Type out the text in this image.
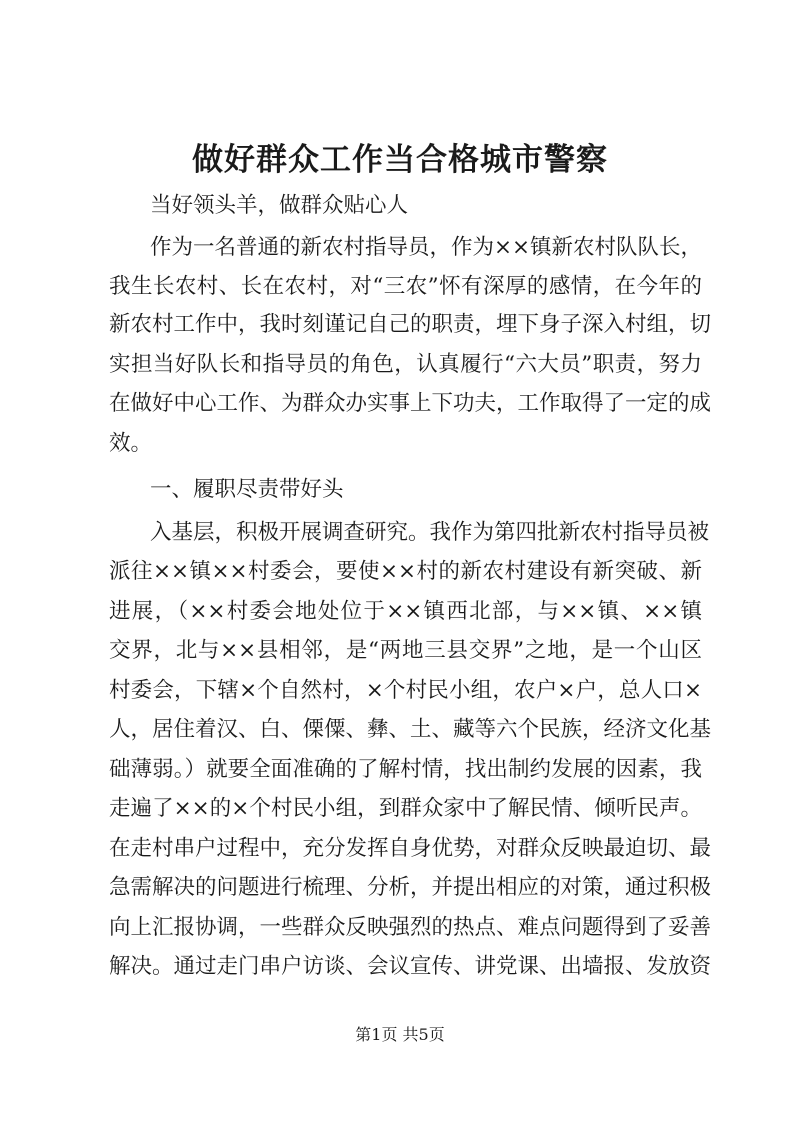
做好群众工作当合格城市警察

当好领头羊，做群众贴心人

作为一名普通的新农村指导员，作为××镇新农村队队长，

我生长农村、长在农村，对“三农”怀有深厚的感情，在今年的

新农村工作中，我时刻谨记自己的职责，埋下身子深入村组，切

实担当好队长和指导员的角色，认真履行“六大员”职责，努力

在做好中心工作、为群众办实事上下功夫，工作取得了一定的成

效。

一、履职尽责带好头

入基层，积极开展调查研究。我作为第四批新农村指导员被

派往××镇××村委会，要使××村的新农村建设有新突破、新

进展，（××村委会地处位于××镇西北部，与××镇、××镇

交界，北与××县相邻，是“两地三县交界”之地，是一个山区

村委会，下辖×个自然村，×个村民小组，农户×户，总人口×

人，居住着汉、白、傈僳、彝、土、藏等六个民族，经济文化基

础薄弱。）就要全面准确的了解村情，找出制约发展的因素，我

走遍了××的×个村民小组，到群众家中了解民情、倾听民声。

在走村串户过程中，充分发挥自身优势，对群众反映最迫切、最

急需解决的问题进行梳理、分析，并提出相应的对策，通过积极

向上汇报协调，一些群众反映强烈的热点、难点问题得到了妥善

解决。通过走门串户访谈、会议宣传、讲党课、出墙报、发放资

第1页 共5页
